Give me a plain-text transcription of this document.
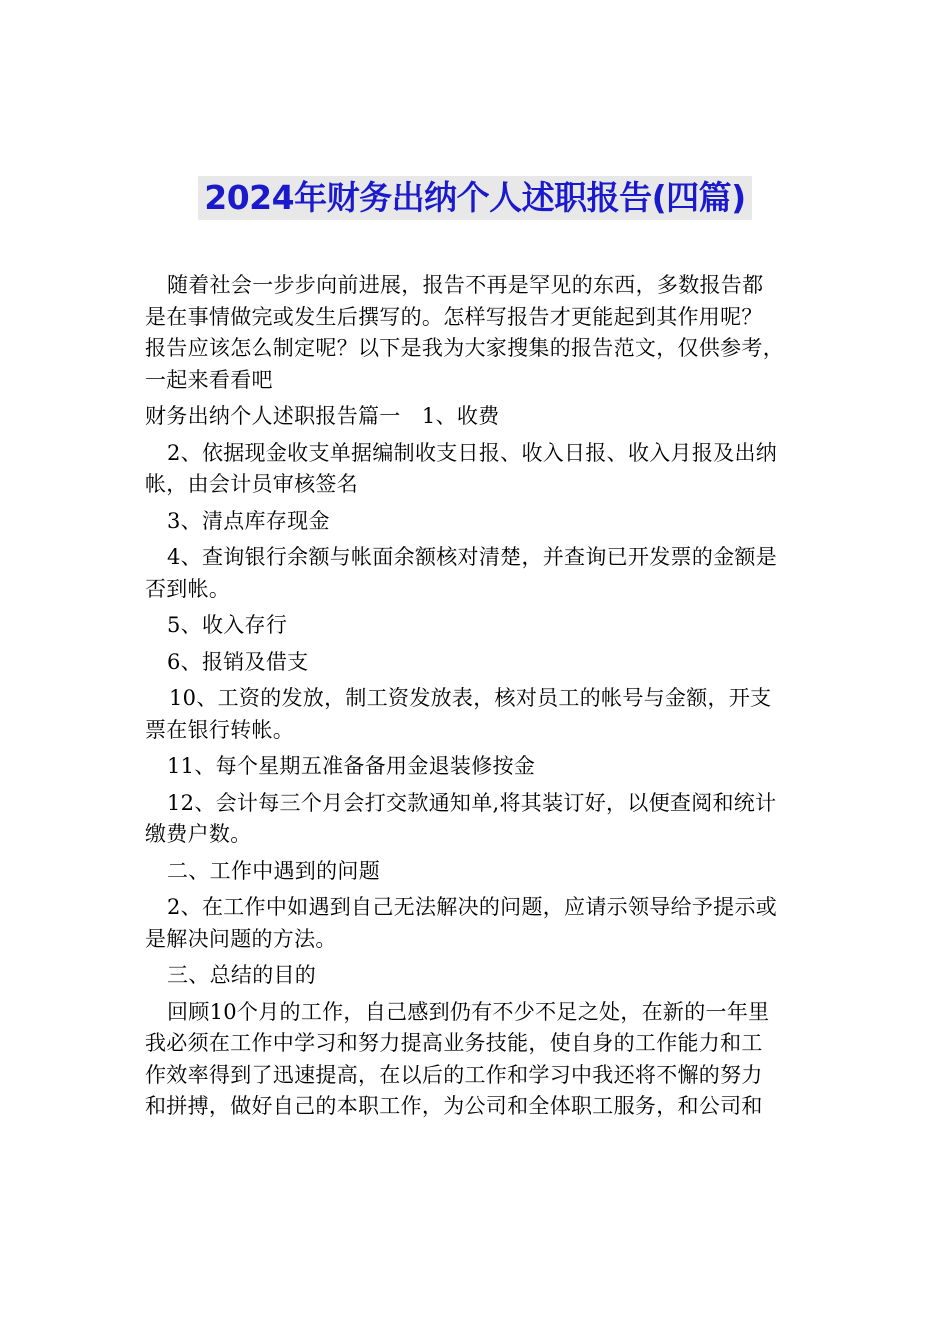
2024年财务出纳个人述职报告(四篇)

随着社会一步步向前进展，报告不再是罕见的东西，多数报告都

是在事情做完或发生后撰写的。怎样写报告才更能起到其作用呢？

报告应该怎么制定呢？以下是我为大家搜集的报告范文，仅供参考，

一起来看看吧

财务出纳个人述职报告篇一　1、收费

2、依据现金收支单据编制收支日报、收入日报、收入月报及出纳

帐，由会计员审核签名

3、清点库存现金

4、查询银行余额与帐面余额核对清楚，并查询已开发票的金额是

否到帐。

5、收入存行

6、报销及借支

10、工资的发放，制工资发放表，核对员工的帐号与金额，开支

票在银行转帐。

11、每个星期五准备备用金退装修按金

12、会计每三个月会打交款通知单,将其装订好，以便查阅和统计

缴费户数。

二、工作中遇到的问题

2、在工作中如遇到自己无法解决的问题，应请示领导给予提示或

是解决问题的方法。

三、总结的目的

回顾10个月的工作，自己感到仍有不少不足之处，在新的一年里

我必须在工作中学习和努力提高业务技能，使自身的工作能力和工

作效率得到了迅速提高，在以后的工作和学习中我还将不懈的努力

和拼搏，做好自己的本职工作，为公司和全体职工服务，和公司和
